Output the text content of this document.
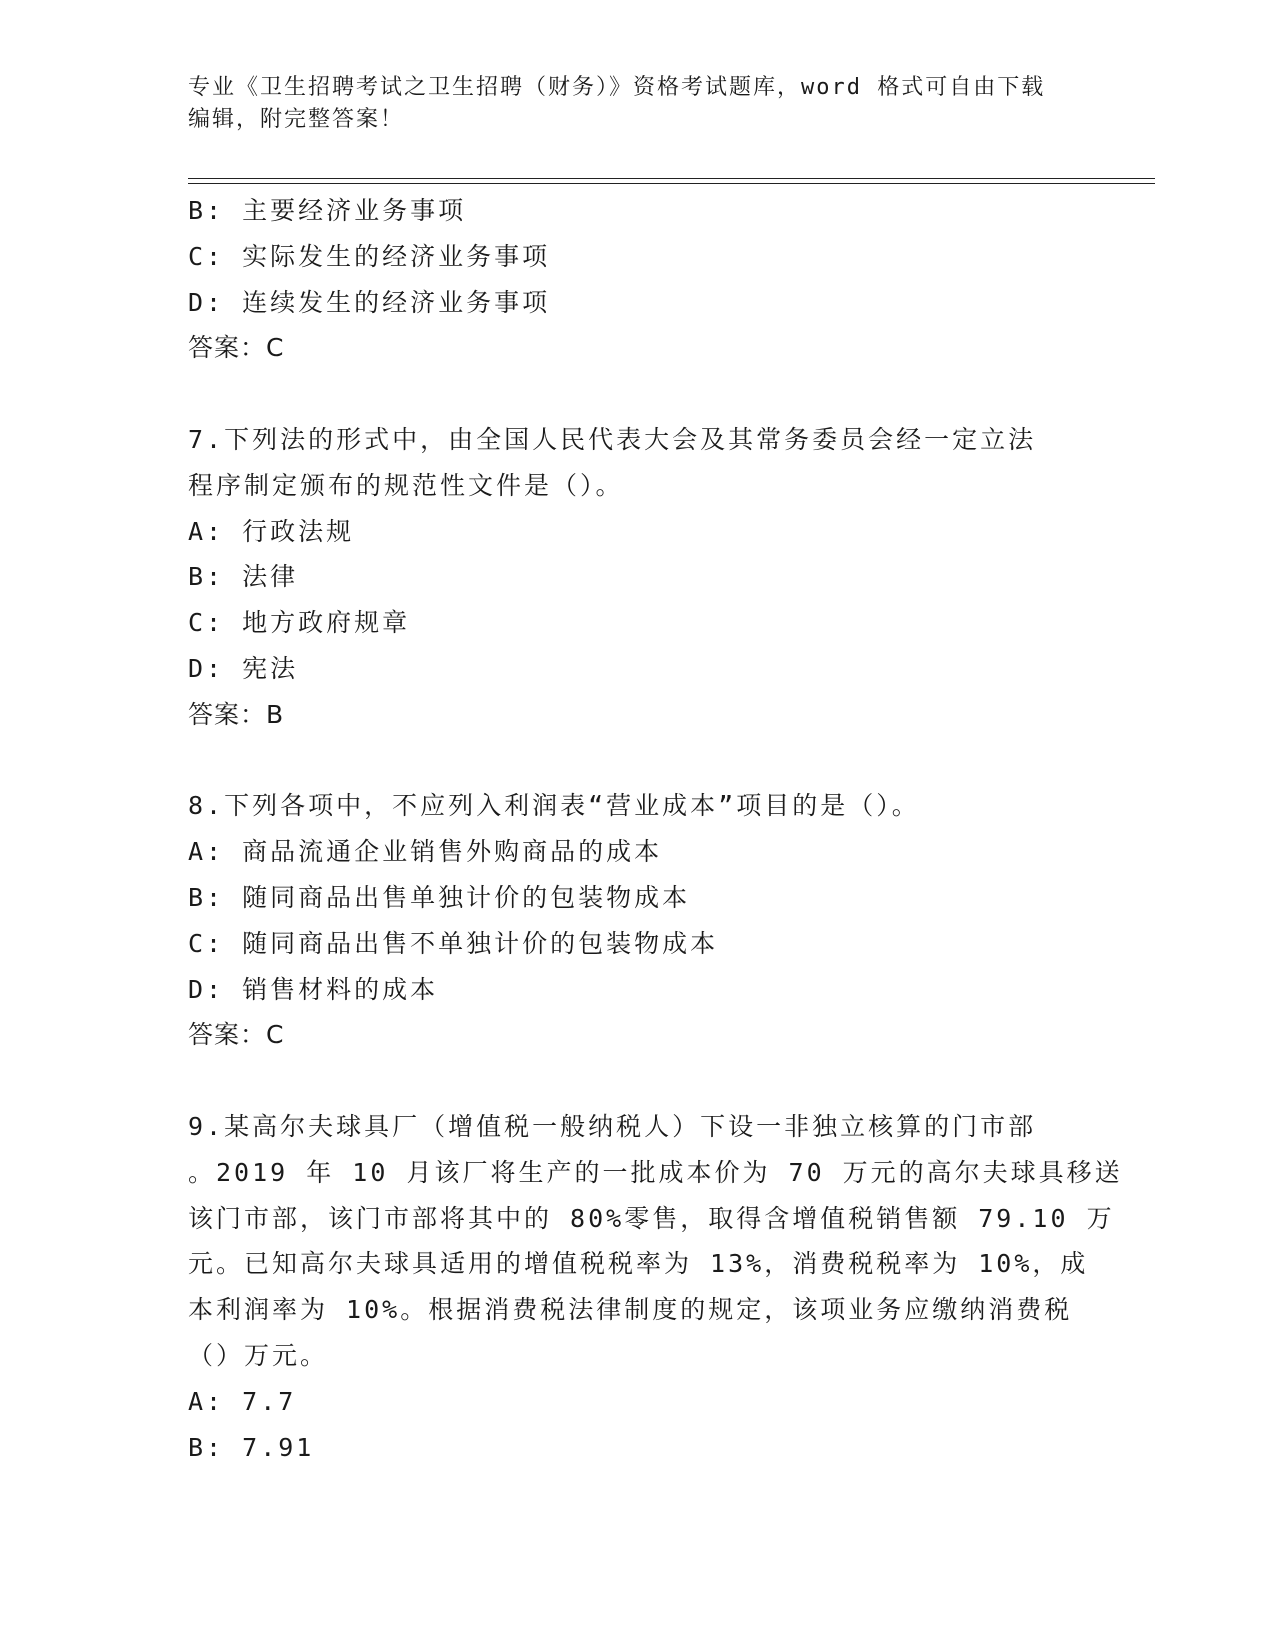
专业《卫生招聘考试之卫生招聘（财务）》资格考试题库，word 格式可自由下载
编辑，附完整答案！
B: 主要经济业务事项
C: 实际发生的经济业务事项
D: 连续发生的经济业务事项
答案：C
7.下列法的形式中，由全国人民代表大会及其常务委员会经一定立法
程序制定颁布的规范性文件是（）。
A: 行政法规
B: 法律
C: 地方政府规章
D: 宪法
答案：B
8.下列各项中，不应列入利润表“营业成本”项目的是（）。
A: 商品流通企业销售外购商品的成本
B: 随同商品出售单独计价的包装物成本
C: 随同商品出售不单独计价的包装物成本
D: 销售材料的成本
答案：C
9.某高尔夫球具厂（增值税一般纳税人）下设一非独立核算的门市部
。2019 年 10 月该厂将生产的一批成本价为 70 万元的高尔夫球具移送
该门市部，该门市部将其中的 80%零售，取得含增值税销售额 79.10 万
元。已知高尔夫球具适用的增值税税率为 13%，消费税税率为 10%，成
本利润率为 10%。根据消费税法律制度的规定，该项业务应缴纳消费税
（）万元。
A: 7.7
B: 7.91
